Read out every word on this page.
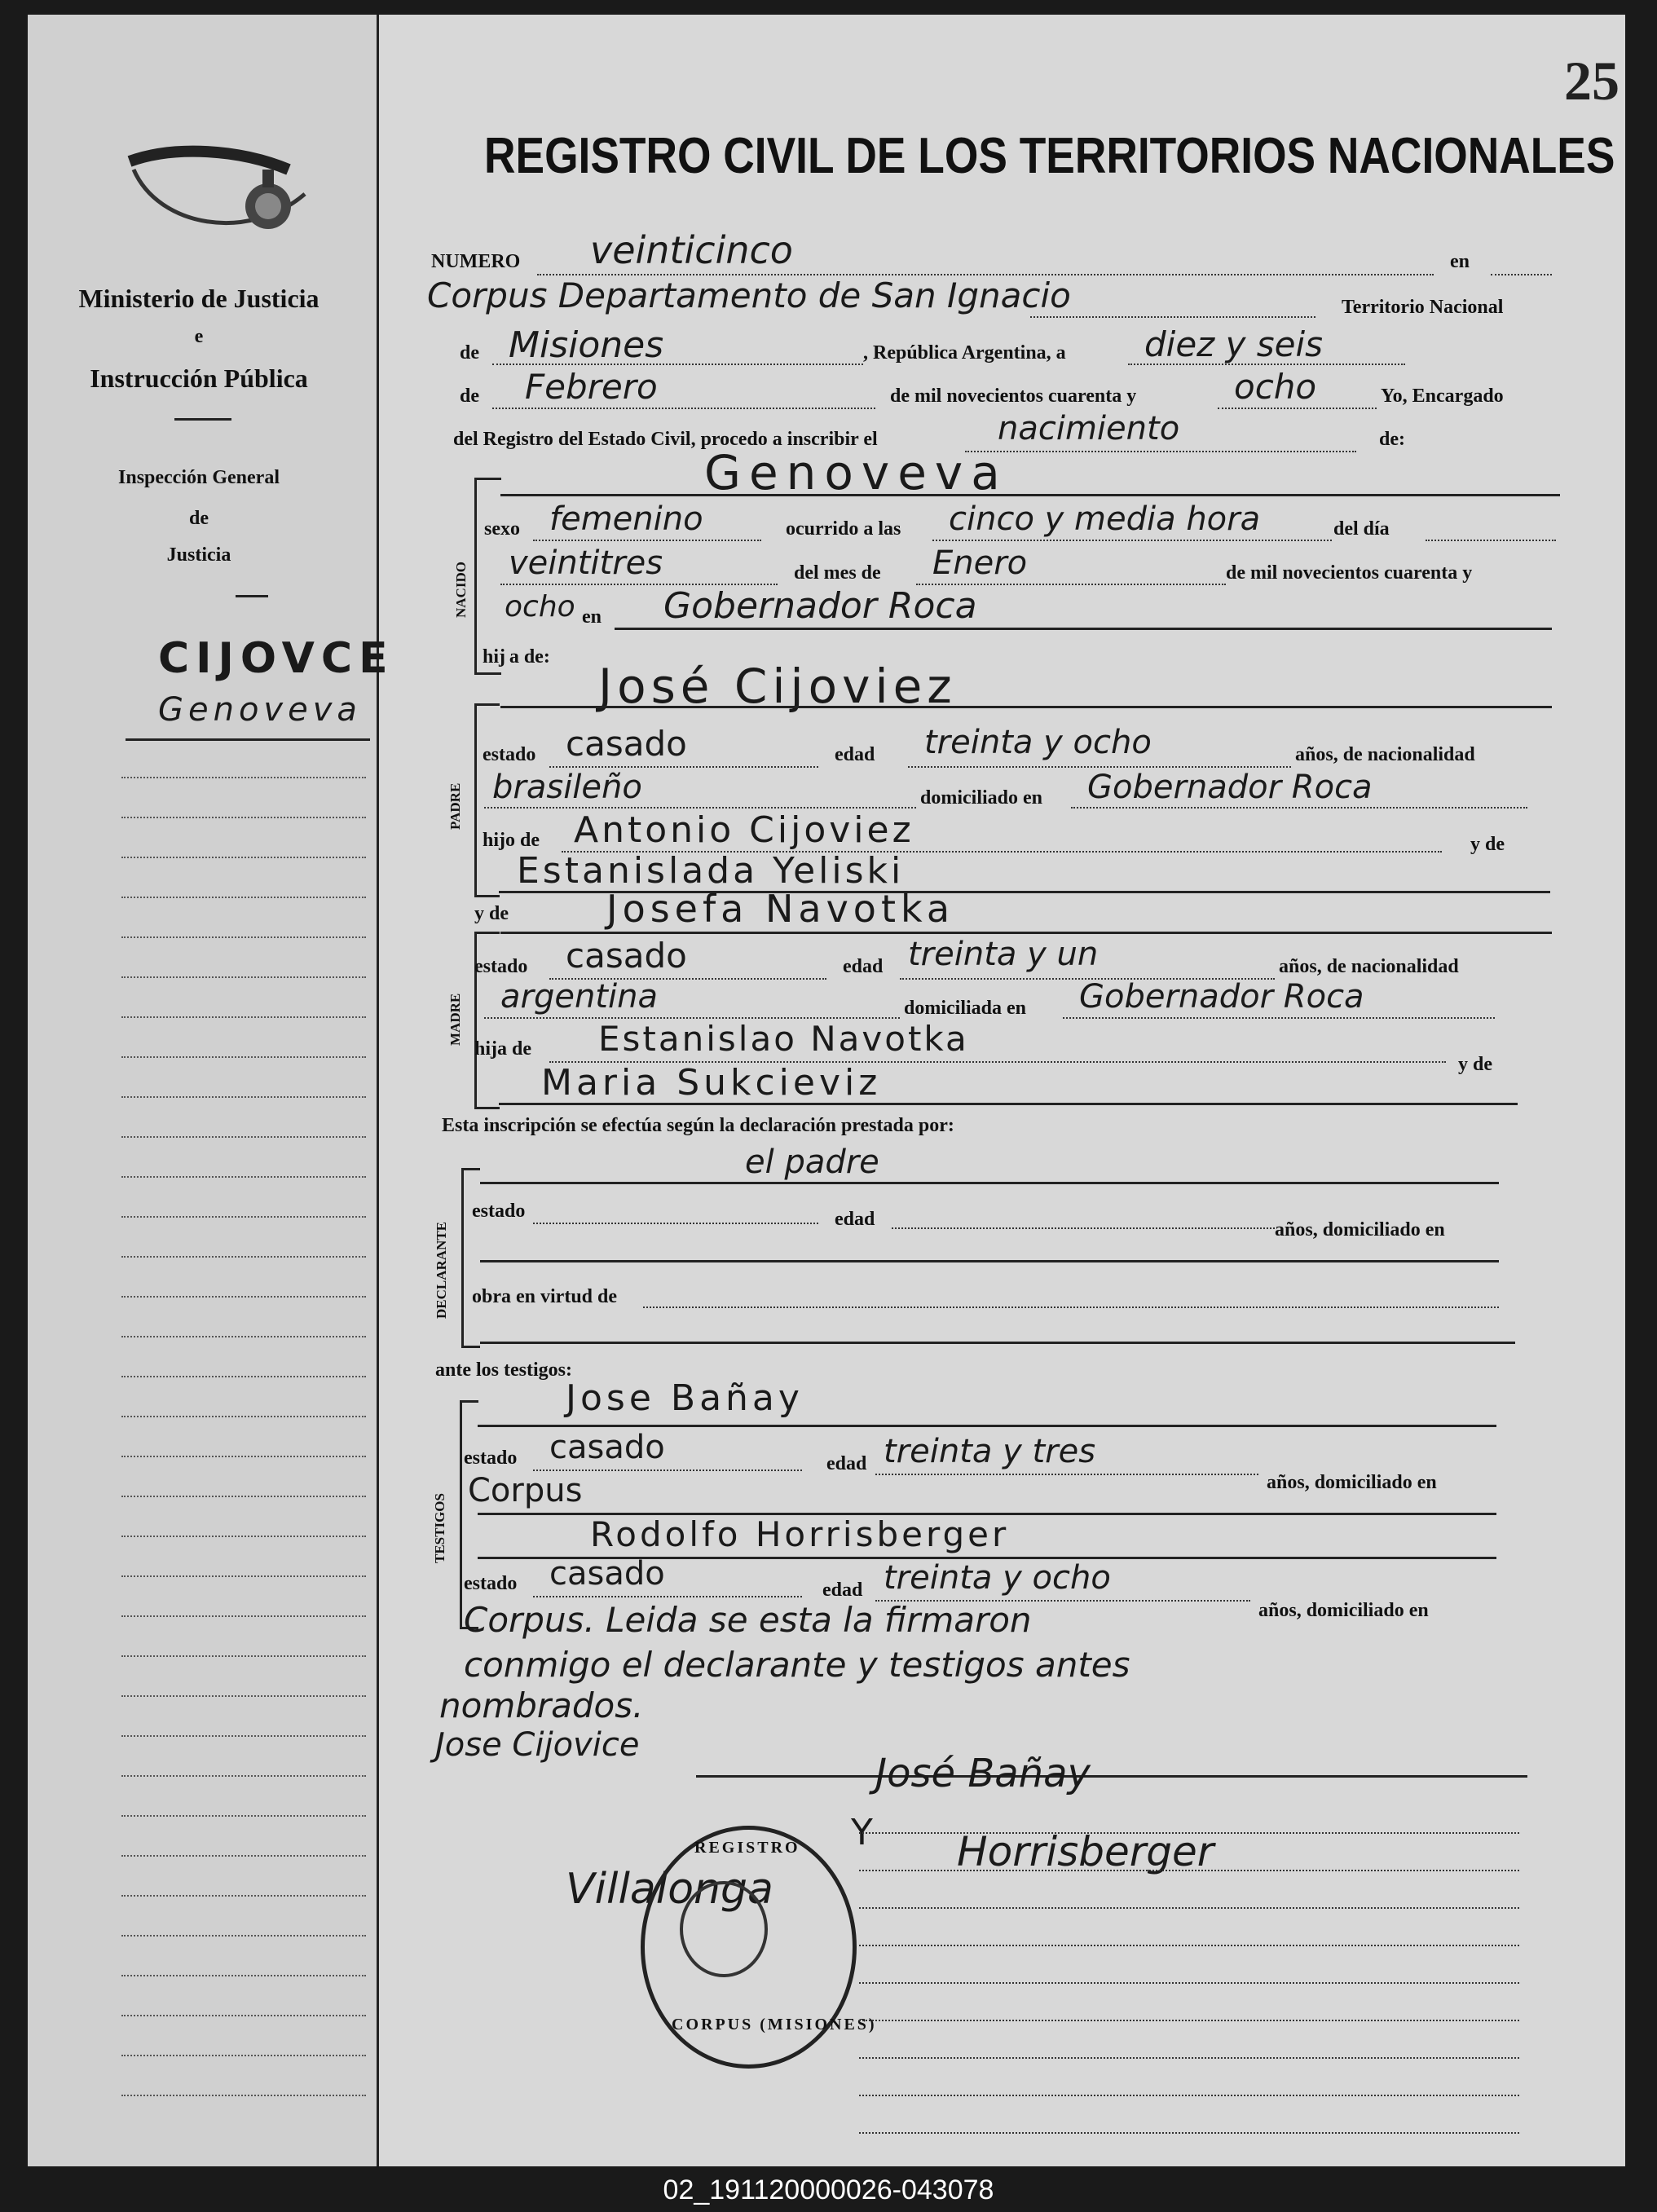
Ministerio de Justicia
e
Instrucción Pública
Inspección General
de
Justicia
CIJOVCE
Genoveva
25
REGISTRO CIVIL DE LOS TERRITORIOS NACIONALES
NUMERO veinticinco	en
Corpus Departamento de San Ignacio	Territorio Nacional
de Misiones	, República Argentina, a diez y seis
de Febrero	de mil novecientos cuarenta y	ocho	Yo, Encargado
del Registro del Estado Civil, procedo a inscribir el	nacimiento	de:
NACIDO
Genoveva
sexo femenino	ocurrido a las cinco y media hora	del día
veintitres	del mes de Enero	de mil novecientos cuarenta y
ocho en Gobernador Roca
hij a de:
José Cijoviez
PADRE
estado casado	edad treinta y ocho	años, de nacionalidad
brasileño	domiciliado en Gobernador Roca
hijo de Antonio Cijoviez	y de
Estanislada Yeliski
y de	Josefa Navotka
MADRE
estado casado	edad treinta y un	años, de nacionalidad
argentina	domiciliada en Gobernador Roca
hija de Estanislao Navotka
y de
Maria Sukcieviz
Esta inscripción se efectúa según la declaración prestada por:
DECLARANTE
el padre
estado	edad	años, domiciliado en
obra en virtud de
ante los testigos:
TESTIGOS
Jose Bañay
estado casado	edad treinta y tres
años, domiciliado en
Corpus
Rodolfo Horrisberger
estado casado	edad treinta y ocho
años, domiciliado en
Corpus. Leida se esta la firmaron
conmigo el declarante y testigos antes
nombrados.
Jose Cijovice
José Bañay
Y Horrisberger
Villalonga
REGISTRO
CORPUS (MISIONES)
02_191120000026-043078
